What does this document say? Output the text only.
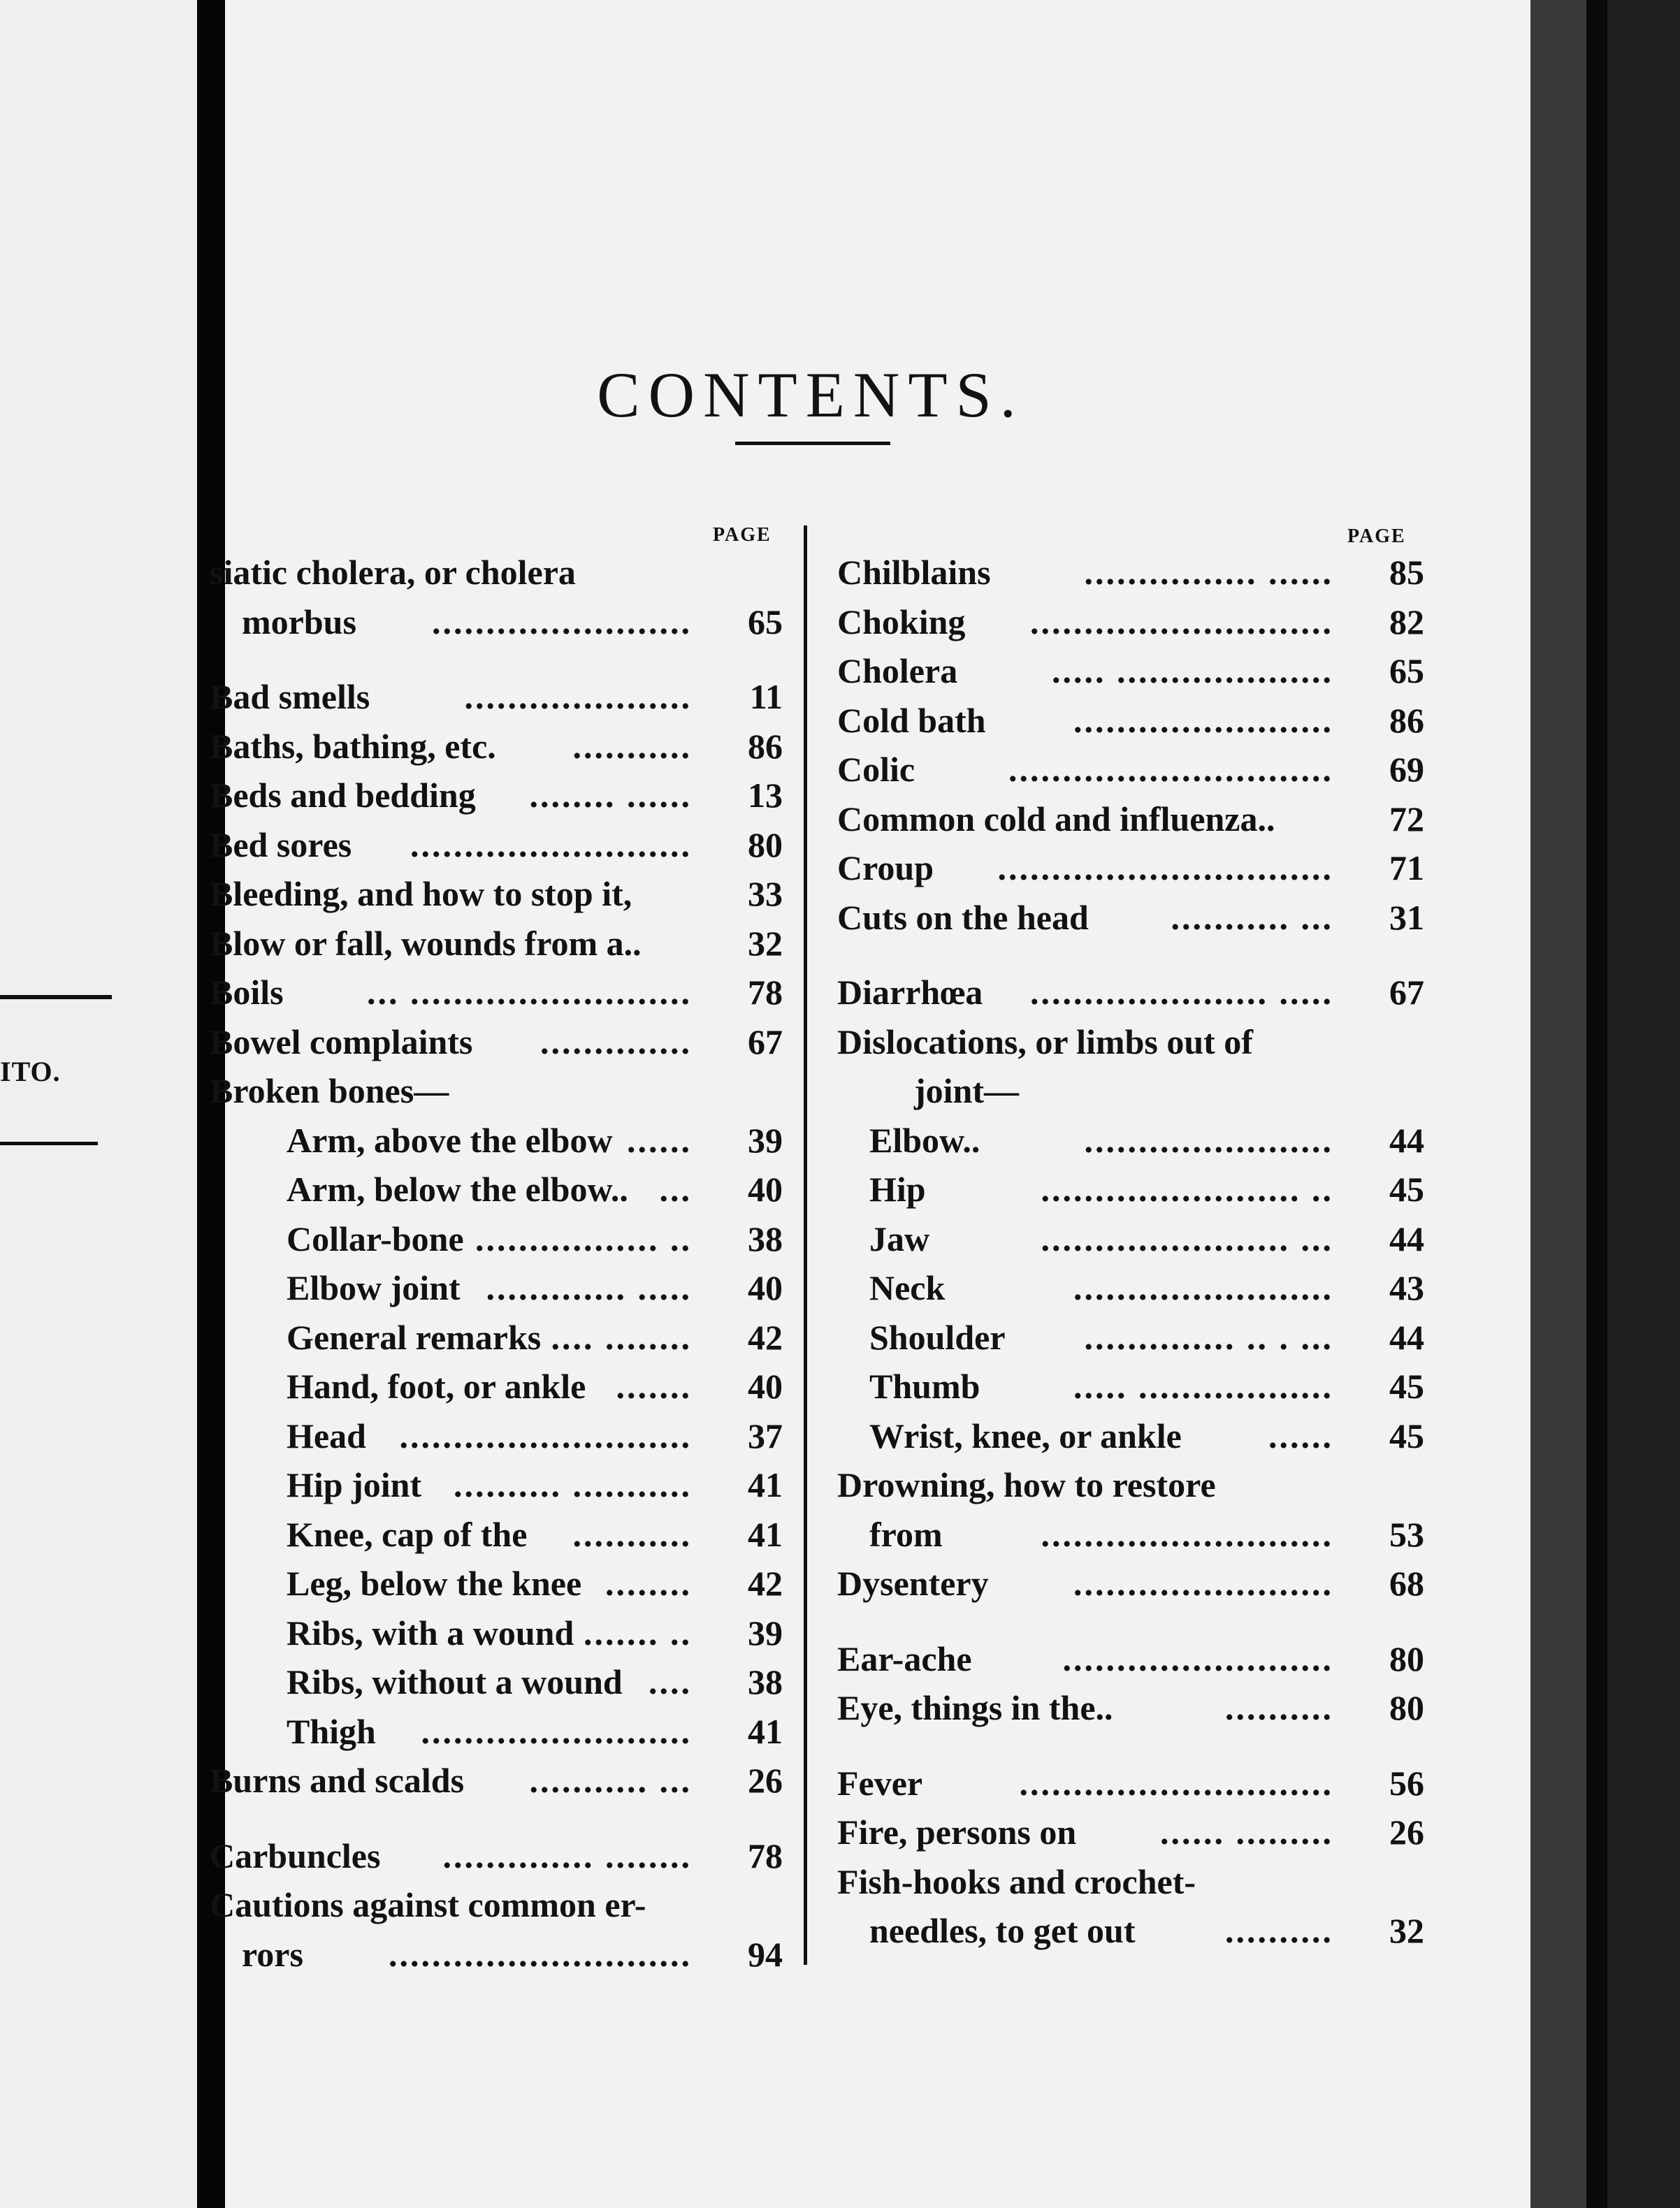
ITO.
CONTENTS.
PAGE	PAGE
siatic cholera, or cholera
morbus ........................	65
Bad smells	.....................	11
Baths, bathing, etc. ...........	86
Beds and bedding ........ ......	13
Bed sores ..........................	80
Bleeding, and how to stop it,	33
Blow or fall, wounds from a..	32
Boils ... ..........................	78
Bowel complaints ..............	67
Broken bones—
Arm, above the elbow ......	39
Arm, below the elbow.. ...	40
Collar-bone ................. ..	38
Elbow joint ............. .....	40
General remarks .... ........	42
Hand, foot, or ankle .......	40
Head ...........................	37
Hip joint .......... ...........	41
Knee, cap of the ...........	41
Leg, below the knee ........	42
Ribs, with a wound ....... ..	39
Ribs, without a wound ....	38
Thigh .........................	41
Burns and scalds ........... ...	26
Carbuncles .............. ........	78
Cautions against common er-
rors ............................	94
Chilblains	................ ......	85
Choking ............................	82
Cholera	..... ....................	65
Cold bath	........................	86
Colic	..............................	69
Common cold and influenza..	72
Croup ...............................	71
Cuts on the head ........... ...	31
Diarrhœa ...................... .....	67
Dislocations, or limbs out of
joint—
Elbow..	.......................	44
Hip	........................ ..	45
Jaw	....................... ...	44
Neck	........................	43
Shoulder .............. .. . ...	44
Thumb	..... ..................	45
Wrist, knee, or ankle ......	45
Drowning, how to restore
from	...........................	53
Dysentery ........................	68
Ear-ache	.........................	80
Eye, things in the..	..........	80
Fever	.............................	56
Fire, persons on ...... .........	26
Fish-hooks and crochet-
needles, to get out	..........	32
